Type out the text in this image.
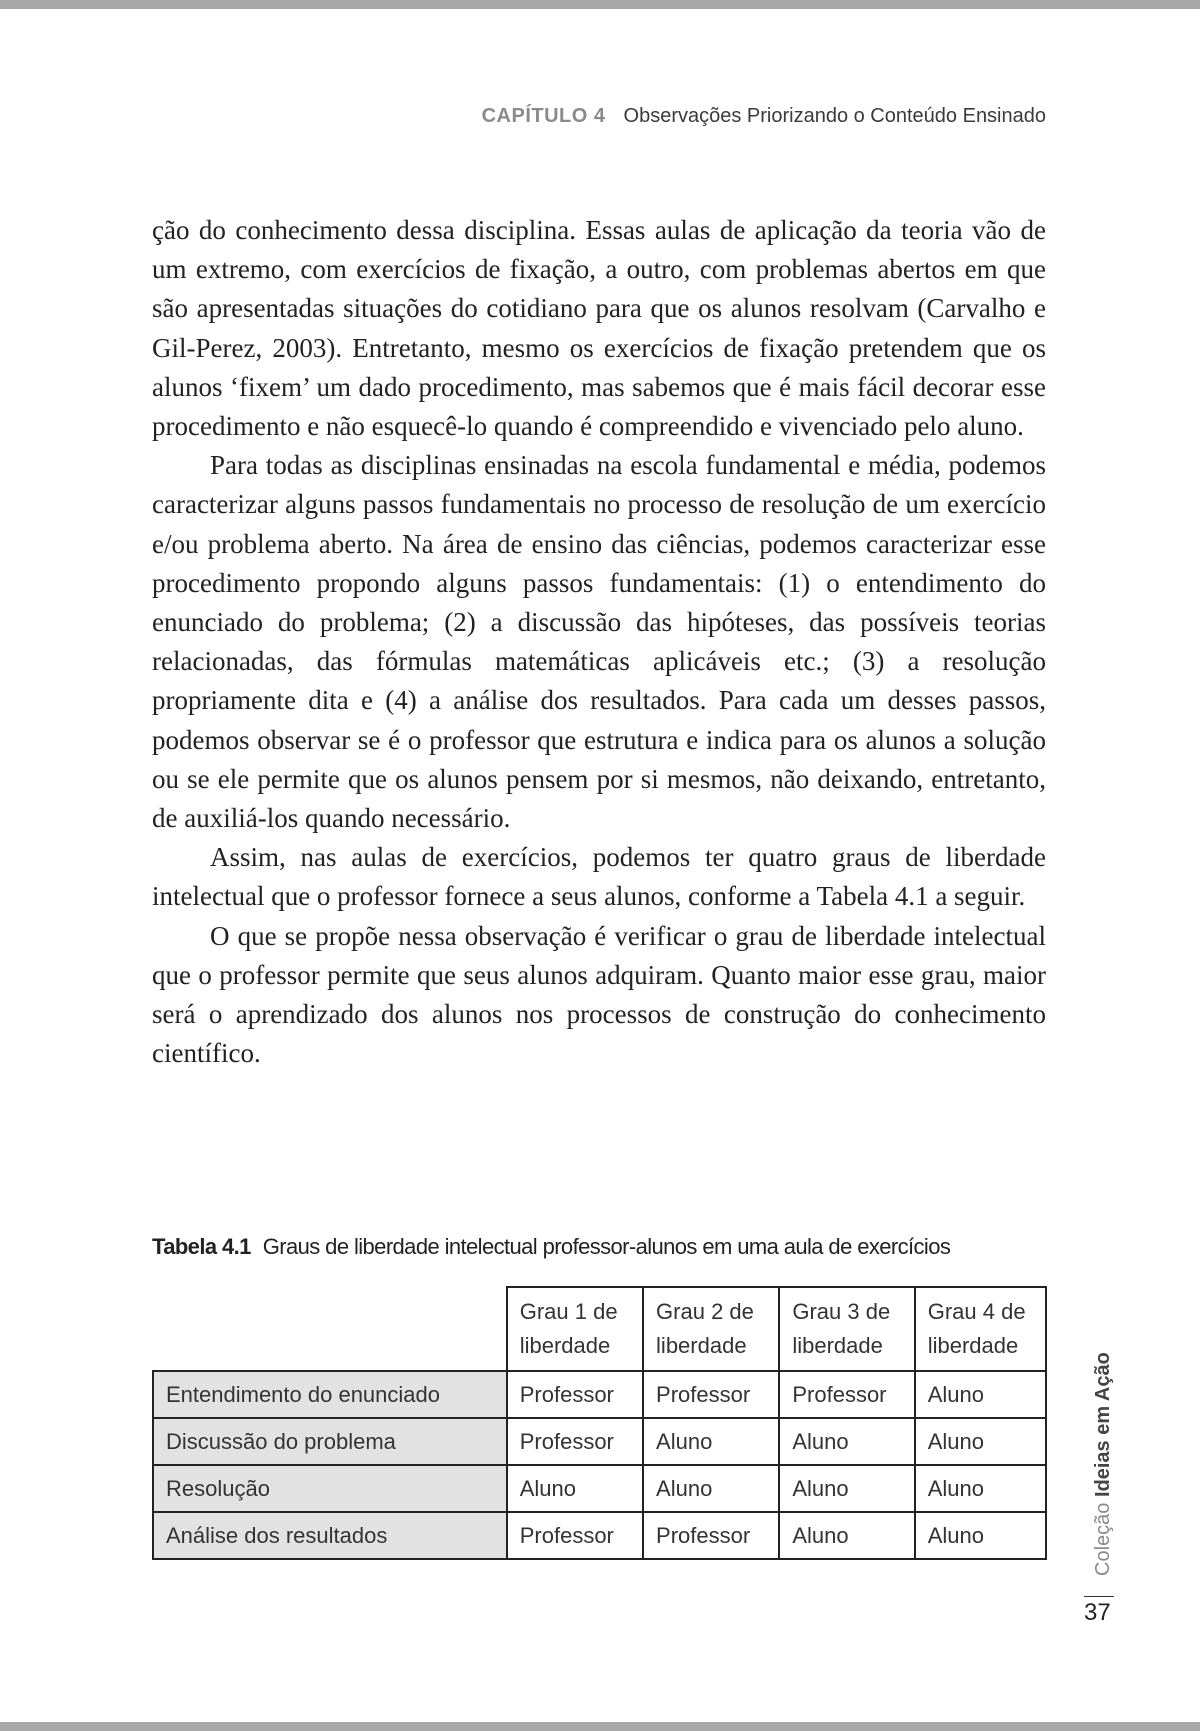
CAPÍTULO 4 Observações Priorizando o Conteúdo Ensinado

ção do conhecimento dessa disciplina. Essas aulas de aplicação da teoria vão de um extremo, com exercícios de fixação, a outro, com problemas abertos em que são apresentadas situações do cotidiano para que os alunos resolvam (Carvalho e Gil-Perez, 2003). Entretanto, mesmo os exercícios de fixação pretendem que os alunos ‘fixem’ um dado procedimento, mas sabemos que é mais fácil decorar esse procedimento e não esquecê-lo quando é compreendido e vivenciado pelo aluno.

Para todas as disciplinas ensinadas na escola fundamental e média, podemos caracterizar alguns passos fundamentais no processo de resolução de um exercício e/ou problema aberto. Na área de ensino das ciências, podemos caracterizar esse procedimento propondo alguns passos fundamentais: (1) o entendimento do enunciado do problema; (2) a discussão das hipóteses, das possíveis teorias relacionadas, das fórmulas matemáticas aplicáveis etc.; (3) a resolução propriamente dita e (4) a análise dos resultados. Para cada um desses passos, podemos observar se é o professor que estrutura e indica para os alunos a solução ou se ele permite que os alunos pensem por si mesmos, não deixando, entretanto, de auxiliá-los quando necessário.

Assim, nas aulas de exercícios, podemos ter quatro graus de liberdade intelectual que o professor fornece a seus alunos, conforme a Tabela 4.1 a seguir.

O que se propõe nessa observação é verificar o grau de liberdade intelectual que o professor permite que seus alunos adquiram. Quanto maior esse grau, maior será o aprendizado dos alunos nos processos de construção do conhecimento científico.

Tabela 4.1 Graus de liberdade intelectual professor-alunos em uma aula de exercícios
	Grau 1 de
liberdade	Grau 2 de
liberdade	Grau 3 de
liberdade	Grau 4 de
liberdade
Entendimento do enunciado	Professor	Professor	Professor	Aluno
Discussão do problema	Professor	Aluno	Aluno	Aluno
Resolução	Aluno	Aluno	Aluno	Aluno
Análise dos resultados	Professor	Professor	Aluno	Aluno	Coleção Ideias em Ação
37
